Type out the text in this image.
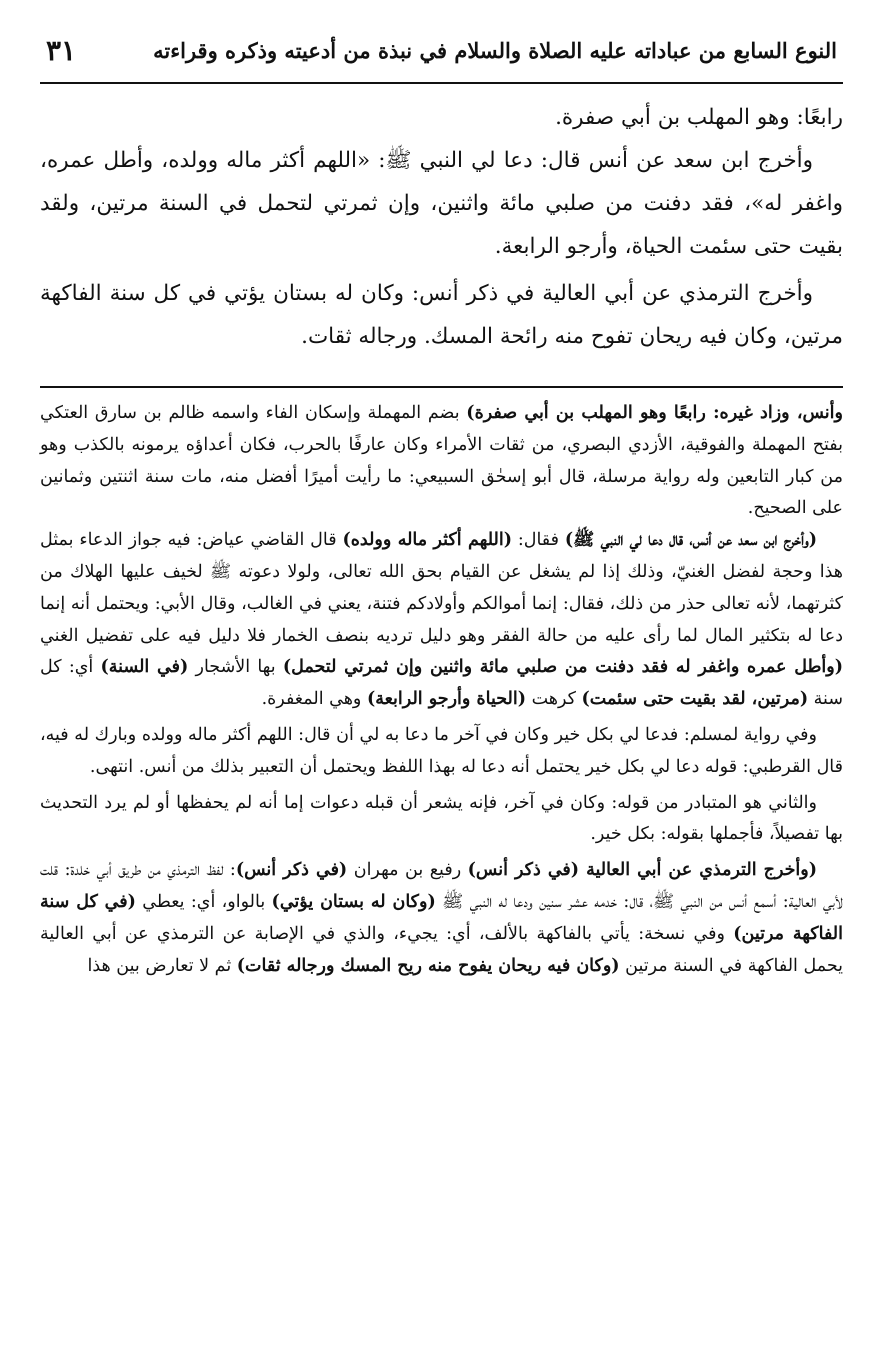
٣١	النوع السابع من عباداته عليه الصلاة والسلام في نبذة من أدعيته وذكره وقراءته

رابعًا: وهو المهلب بن أبي صفرة.

وأخرج ابن سعد عن أنس قال: دعا لي النبي ﷺ: «اللهم أكثر ماله وولده، وأطل عمره، واغفر له»، فقد دفنت من صلبي مائة واثنين، وإن ثمرتي لتحمل في السنة مرتين، ولقد بقيت حتى سئمت الحياة، وأرجو الرابعة.

وأخرج الترمذي عن أبي العالية في ذكر أنس: وكان له بستان يؤتي في كل سنة الفاكهة مرتين، وكان فيه ريحان تفوح منه رائحة المسك. ورجاله ثقات.

وأنس، وزاد غيره: رابعًا وهو المهلب بن أبي صفرة) بضم المهملة وإسكان الفاء واسمه ظالم بن سارق العتكي بفتح المهملة والفوقية، الأزدي البصري، من ثقات الأمراء وكان عارفًا بالحرب، فكان أعداؤه يرمونه بالكذب وهو من كبار التابعين وله رواية مرسلة، قال أبو إسحٰق السبيعي: ما رأيت أميرًا أفضل منه، مات سنة اثنتين وثمانين على الصحيح.

(وأخرج ابن سعد عن أنس، قال دعا لي النبي ﷺ) فقال: (اللهم أكثر ماله وولده) قال القاضي عياض: فيه جواز الدعاء بمثل هذا وحجة لفضل الغنيّ، وذلك إذا لم يشغل عن القيام بحق الله تعالى، ولولا دعوته ﷺ لخيف عليها الهلاك من كثرتهما، لأنه تعالى حذر من ذلك، فقال: إنما أموالكم وأولادكم فتنة، يعني في الغالب، وقال الأبي: ويحتمل أنه إنما دعا له بتكثير المال لما رأى عليه من حالة الفقر وهو دليل ترديه بنصف الخمار فلا دليل فيه على تفضيل الغني (وأطل عمره واغفر له فقد دفنت من صلبي مائة واثنين وإن ثمرتي لتحمل) بها الأشجار (في السنة) أي: كل سنة (مرتين، لقد بقيت حتى سئمت) كرهت (الحياة وأرجو الرابعة) وهي المغفرة.

وفي رواية لمسلم: فدعا لي بكل خير وكان في آخر ما دعا به لي أن قال: اللهم أكثر ماله وولده وبارك له فيه، قال القرطبي: قوله دعا لي بكل خير يحتمل أنه دعا له بهذا اللفظ ويحتمل أن التعبير بذلك من أنس. انتهى.

والثاني هو المتبادر من قوله: وكان في آخر، فإنه يشعر أن قبله دعوات إما أنه لم يحفظها أو لم يرد التحديث بها تفصيلاً، فأجملها بقوله: بكل خير.

(وأخرج الترمذي عن أبي العالية (في ذكر أنس) رفيع بن مهران (في ذكر أنس): لفظ الترمذي من طريق أبي خلدة: قلت لأبي العالية: أسمع أنس من النبي ﷺ، قال: خدمه عشر سنين ودعا له النبي ﷺ (وكان له بستان يؤتي) بالواو، أي: يعطي (في كل سنة الفاكهة مرتين) وفي نسخة: يأتي بالفاكهة بالألف، أي: يجيء، والذي في الإصابة عن الترمذي عن أبي العالية يحمل الفاكهة في السنة مرتين (وكان فيه ريحان يفوح منه ريح المسك ورجاله ثقات) ثم لا تعارض بين هذا
